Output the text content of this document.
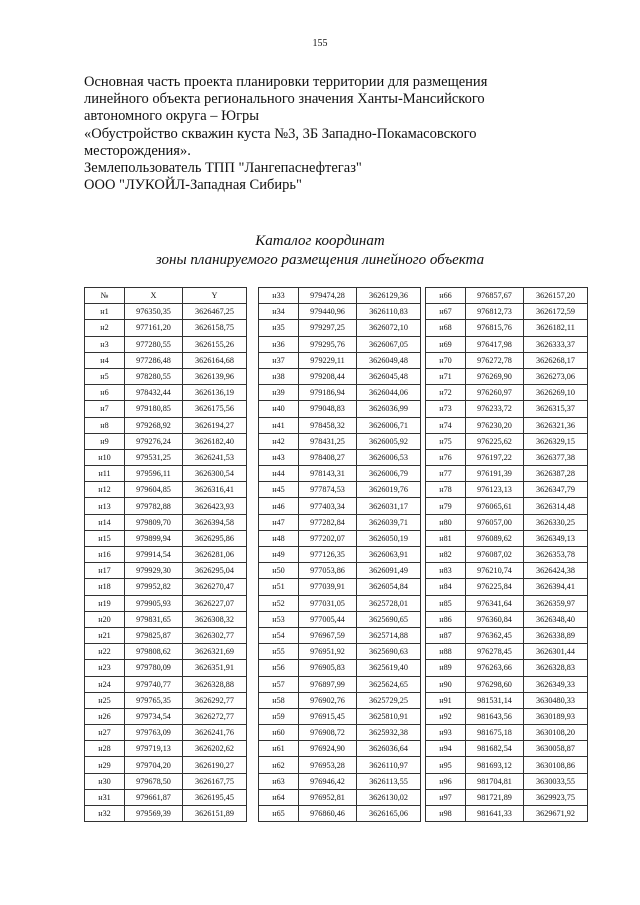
155
Основная часть проекта планировки территории для размещения
линейного объекта регионального значения Ханты-Мансийского
автономного округа – Югры
«Обустройство скважин куста №3, 3Б Западно-Покамасовского
месторождения».
Землепользователь ТПП "Лангепаснефтегаз"
ООО "ЛУКОЙЛ-Западная Сибирь"
Каталог координат
зоны планируемого размещения линейного объекта
№	X	Y
н1	976350,35	3626467,25
н2	977161,20	3626158,75
н3	977280,55	3626155,26
н4	977286,48	3626164,68
н5	978280,55	3626139,96
н6	978432,44	3626136,19
н7	979180,85	3626175,56
н8	979268,92	3626194,27
н9	979276,24	3626182,40
н10	979531,25	3626241,53
н11	979596,11	3626300,54
н12	979604,85	3626316,41
н13	979782,88	3626423,93
н14	979809,70	3626394,58
н15	979899,94	3626295,86
н16	979914,54	3626281,06
н17	979929,30	3626295,04
н18	979952,82	3626270,47
н19	979905,93	3626227,07
н20	979831,65	3626308,32
н21	979825,87	3626302,77
н22	979808,62	3626321,69
н23	979780,09	3626351,91
н24	979740,77	3626328,88
н25	979765,35	3626292,77
н26	979734,54	3626272,77
н27	979763,09	3626241,76
н28	979719,13	3626202,62
н29	979704,20	3626190,27
н30	979678,50	3626167,75
н31	979661,87	3626195,45
н32	979569,39	3626151,89
н33	979474,28	3626129,36
н34	979440,96	3626110,83
н35	979297,25	3626072,10
н36	979295,76	3626067,05
н37	979229,11	3626049,48
н38	979208,44	3626045,48
н39	979186,94	3626044,06
н40	979048,83	3626036,99
н41	978458,32	3626006,71
н42	978431,25	3626005,92
н43	978408,27	3626006,53
н44	978143,31	3626006,79
н45	977874,53	3626019,76
н46	977403,34	3626031,17
н47	977282,84	3626039,71
н48	977202,07	3626050,19
н49	977126,35	3626063,91
н50	977053,86	3626091,49
н51	977039,91	3626054,84
н52	977031,05	3625728,01
н53	977005,44	3625690,65
н54	976967,59	3625714,88
н55	976951,92	3625690,63
н56	976905,83	3625619,40
н57	976897,99	3625624,65
н58	976902,76	3625729,25
н59	976915,45	3625810,91
н60	976908,72	3625932,38
н61	976924,90	3626036,64
н62	976953,28	3626110,97
н63	976946,42	3626113,55
н64	976952,81	3626130,02
н65	976860,46	3626165,06
н66	976857,67	3626157,20
н67	976812,73	3626172,59
н68	976815,76	3626182,11
н69	976417,98	3626333,37
н70	976272,78	3626268,17
н71	976269,90	3626273,06
н72	976260,97	3626269,10
н73	976233,72	3626315,37
н74	976230,20	3626321,36
н75	976225,62	3626329,15
н76	976197,22	3626377,38
н77	976191,39	3626387,28
н78	976123,13	3626347,79
н79	976065,61	3626314,48
н80	976057,00	3626330,25
н81	976089,62	3626349,13
н82	976087,02	3626353,78
н83	976210,74	3626424,38
н84	976225,84	3626394,41
н85	976341,64	3626359,97
н86	976360,84	3626348,40
н87	976362,45	3626338,89
н88	976278,45	3626301,44
н89	976263,66	3626328,83
н90	976298,60	3626349,33
н91	981531,14	3630480,33
н92	981643,56	3630189,93
н93	981675,18	3630108,20
н94	981682,54	3630058,87
н95	981693,12	3630108,86
н96	981704,81	3630033,55
н97	981721,89	3629923,75
н98	981641,33	3629671,92
